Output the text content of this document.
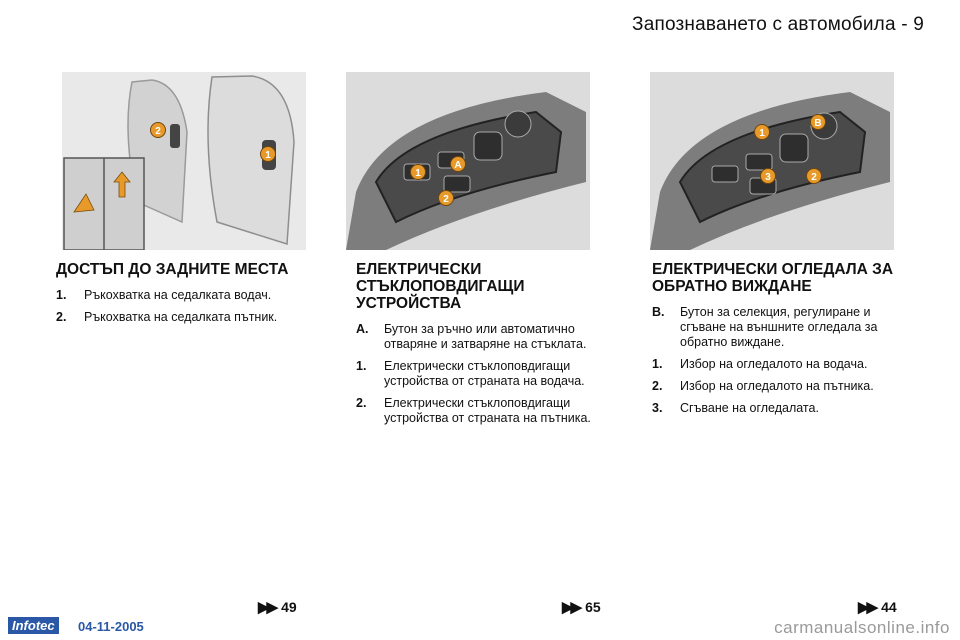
Запознаването с автомобила - 9
2
1
1
A
2
1
B
3	2
ДОСТЪП ДО ЗАДНИТЕ МЕСТА
1.	Ръкохватка на седалката водач.
2.	Ръкохватка на седалката пътник.
ЕЛЕКТРИЧЕСКИ СТЪКЛОПОВДИГАЩИ УСТРОЙСТВА
A.	Бутон за ръчно или автоматично отваряне и затваряне на стъклата.
1.	Електрически стъклоповдигащи устройства от страната на водача.
2.	Електрически стъклоповдигащи устройства от страната на пътника.
ЕЛЕКТРИЧЕСКИ ОГЛЕДАЛА ЗА ОБРАТНО ВИЖДАНЕ
B.	Бутон за селекция, регулиране и сгъване на външните огледала за обратно виждане.
1.	Избор на огледалото на водача.
2.	Избор на огледалото на пътника.
3.	Сгъване на огледалата.
▶▶ 49	▶▶ 65	▶▶ 44
Infotec	04-11-2005	carmanualsonline.info
